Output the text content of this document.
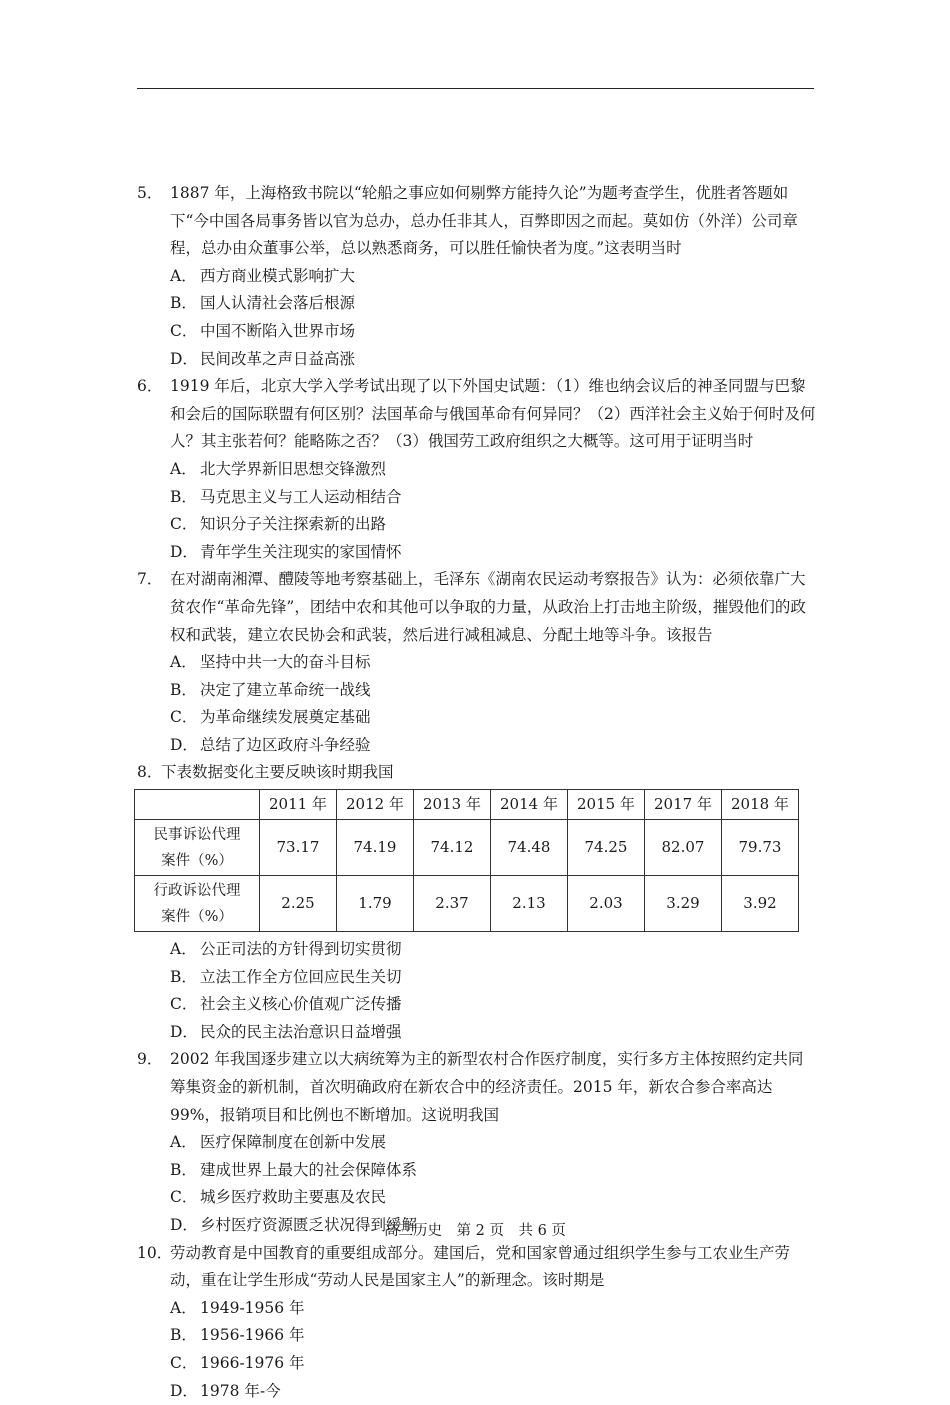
5． 1887 年，上海格致书院以“轮船之事应如何剔弊方能持久论”为题考查学生，优胜者答题如下“今中国各局事务皆以官为总办，总办任非其人，百弊即因之而起。莫如仿（外洋）公司章程，总办由众董事公举，总以熟悉商务，可以胜任愉快者为度。”这表明当时
A． 西方商业模式影响扩大
B． 国人认清社会落后根源
C． 中国不断陷入世界市场
D． 民间改革之声日益高涨
6． 1919 年后，北京大学入学考试出现了以下外国史试题：（1）维也纳会议后的神圣同盟与巴黎和会后的国际联盟有何区别？法国革命与俄国革命有何异同？（2）西洋社会主义始于何时及何人？其主张若何？能略陈之否？（3）俄国劳工政府组织之大概等。这可用于证明当时
A． 北大学界新旧思想交锋激烈
B． 马克思主义与工人运动相结合
C． 知识分子关注探索新的出路
D． 青年学生关注现实的家国情怀
7． 在对湖南湘潭、醴陵等地考察基础上，毛泽东《湖南农民运动考察报告》认为：必须依靠广大贫农作“革命先锋”，团结中农和其他可以争取的力量，从政治上打击地主阶级，摧毁他们的政权和武装，建立农民协会和武装，然后进行减租减息、分配土地等斗争。该报告
A． 坚持中共一大的奋斗目标
B． 决定了建立革命统一战线
C． 为革命继续发展奠定基础
D． 总结了边区政府斗争经验
8．
下表数据变化主要反映该时期我国
	2011 年	2012 年	2013 年	2014 年	2015 年	2017 年	2018 年
民事诉讼代理
案件（%）	73.17	74.19	74.12	74.48	74.25	82.07	79.73
行政诉讼代理
案件（%）	2.25	1.79	2.37	2.13	2.03	3.29	3.92
A． 公正司法的方针得到切实贯彻
B． 立法工作全方位回应民生关切
C． 社会主义核心价值观广泛传播
D． 民众的民主法治意识日益增强
9． 2002 年我国逐步建立以大病统筹为主的新型农村合作医疗制度，实行多方主体按照约定共同筹集资金的新机制，首次明确政府在新农合中的经济责任。2015 年，新农合参合率高达 99%，报销项目和比例也不断增加。这说明我国
A． 医疗保障制度在创新中发展
B． 建成世界上最大的社会保障体系
C． 城乡医疗救助主要惠及农民
D． 乡村医疗资源匮乏状况得到缓解
10．
劳动教育是中国教育的重要组成部分。建国后，党和国家曾通过组织学生参与工农业生产劳动，重在让学生形成“劳动人民是国家主人”的新理念。该时期是
A． 1949-1956 年
B． 1956-1966 年
C． 1966-1976 年
D． 1978 年-今
高三历史　第 2 页　共 6 页
